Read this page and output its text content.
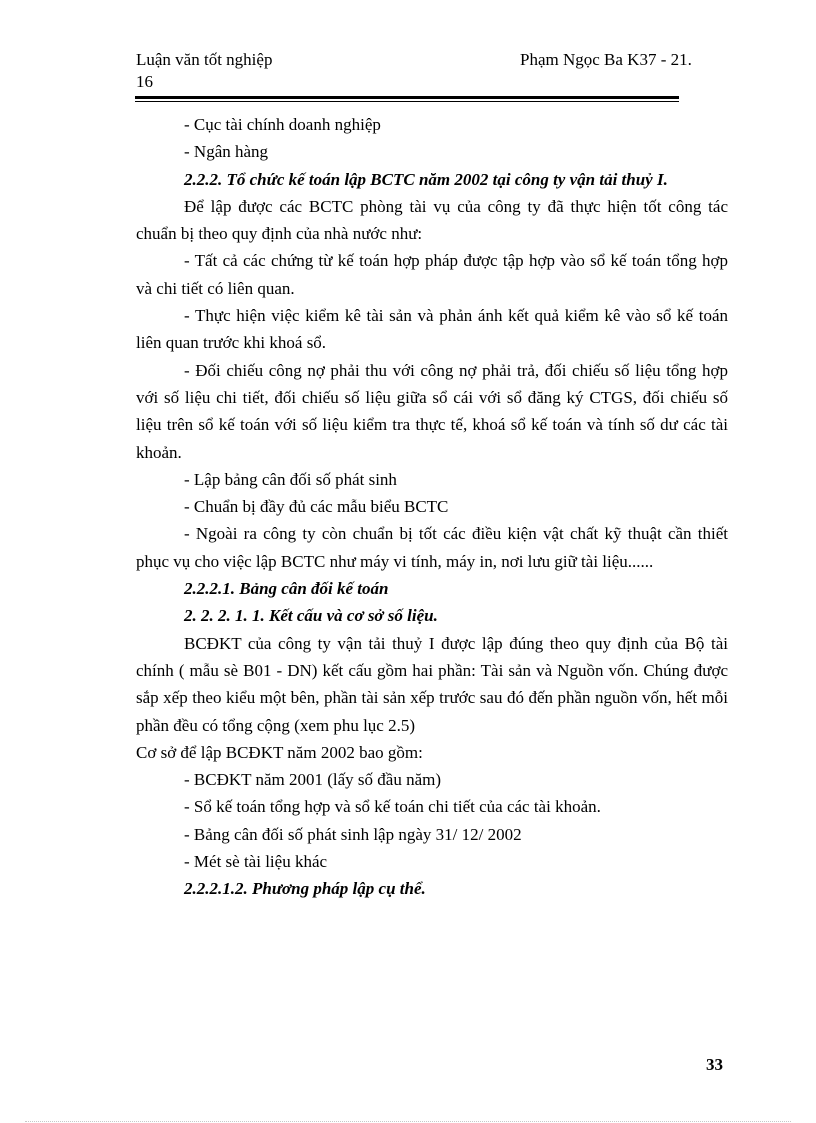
Luận văn tốt nghiệp
16
Phạm Ngọc Ba K37 - 21.

- Cục tài chính doanh nghiệp

- Ngân hàng

2.2.2. Tổ chức kế toán lập BCTC năm 2002 tại công ty vận tải thuỷ I.

Để lập được các BCTC phòng tài vụ của công ty đã thực hiện tốt công tác chuẩn bị theo quy định của nhà nước như:

- Tất cả các chứng từ kế toán hợp pháp được tập hợp vào sổ kế toán tổng hợp và chi tiết có liên quan.

- Thực hiện việc kiểm kê tài sản và phản ánh kết quả kiểm kê vào sổ kế toán liên quan trước khi khoá sổ.

- Đối chiếu công nợ phải thu với công nợ phải trả, đối chiếu số liệu tổng hợp với số liệu chi tiết, đối chiếu số liệu giữa sổ cái với sổ đăng ký CTGS, đối chiếu số liệu trên sổ kế toán với số liệu kiểm tra thực tế, khoá sổ kế toán và tính số dư các tài khoản.

- Lập bảng cân đối số phát sinh

- Chuẩn bị đầy đủ các mẫu biểu BCTC

- Ngoài ra công ty còn chuẩn bị tốt các điều kiện vật chất kỹ thuật cần thiết phục vụ cho việc lập BCTC như máy vi tính, máy in, nơi lưu giữ tài liệu......

2.2.2.1. Bảng cân đối kế toán

2. 2. 2. 1. 1. Kết cấu và cơ sở số liệu.

BCĐKT của công ty vận tải thuỷ I được lập đúng theo quy định của Bộ tài chính ( mẫu sè B01 - DN) kết cấu gồm hai phần: Tài sản và Nguồn vốn. Chúng được sắp xếp theo kiểu một bên, phần tài sản xếp trước sau đó đến phần nguồn vốn, hết mỗi phần đều có tổng cộng (xem phu lục 2.5)

Cơ sở để lập BCĐKT năm 2002 bao gồm:

- BCĐKT năm 2001 (lấy số đầu năm)

- Sổ kế toán tổng hợp và sổ kế toán chi tiết của các tài khoản.

- Bảng cân đối số phát sinh lập ngày 31/ 12/ 2002

- Mét sè tài liệu khác

2.2.2.1.2. Phương pháp lập cụ thể.

33
